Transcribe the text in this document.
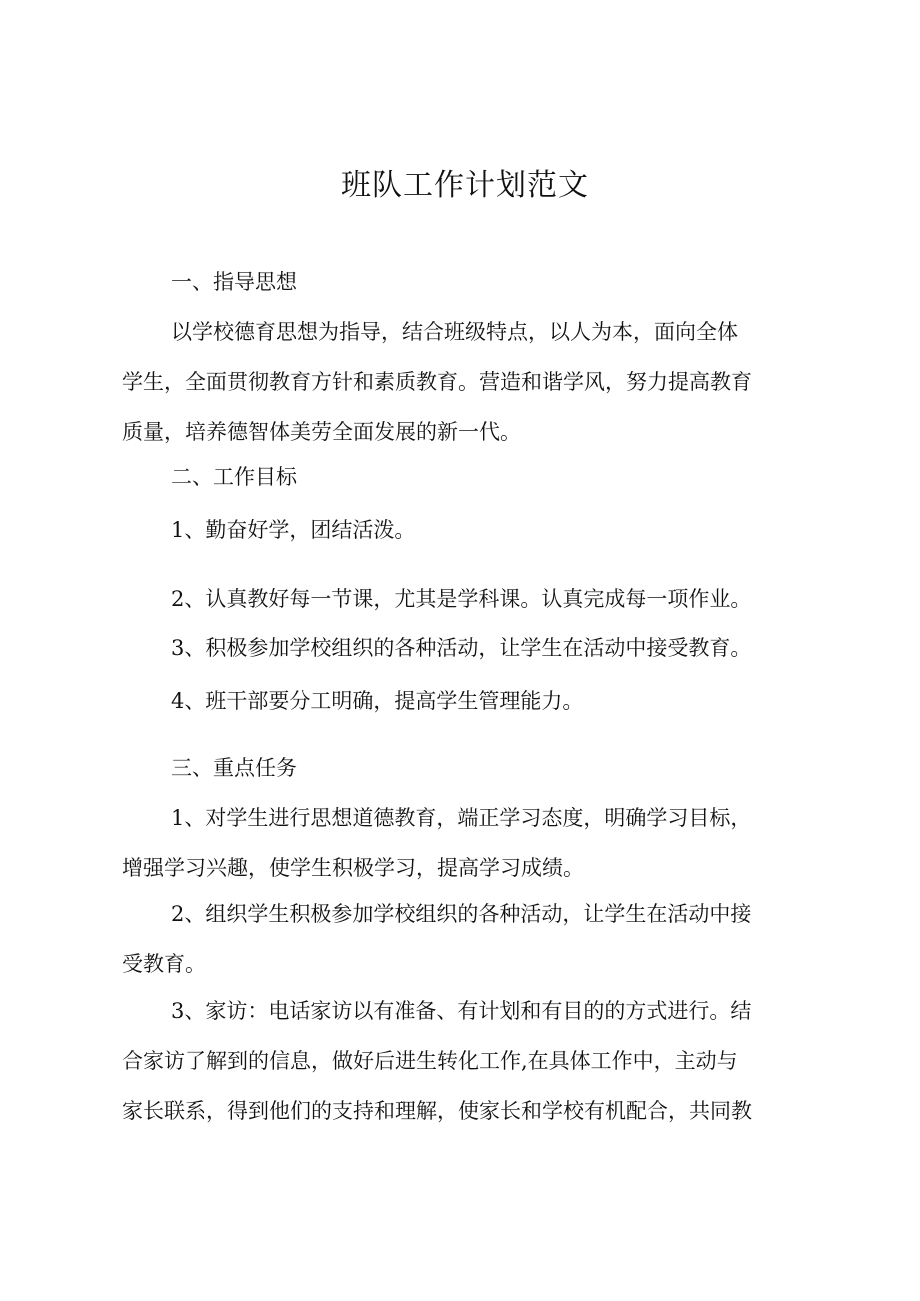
班队工作计划范文

一、指导思想

以学校德育思想为指导，结合班级特点，以人为本，面向全体
学生，全面贯彻教育方针和素质教育。营造和谐学风，努力提高教育
质量，培养德智体美劳全面发展的新一代。

二、工作目标

1、勤奋好学，团结活泼。

2、认真教好每一节课，尤其是学科课。认真完成每一项作业。

3、积极参加学校组织的各种活动，让学生在活动中接受教育。

4、班干部要分工明确，提高学生管理能力。

三、重点任务

1、对学生进行思想道德教育，端正学习态度，明确学习目标，
增强学习兴趣，使学生积极学习，提高学习成绩。
2、组织学生积极参加学校组织的各种活动，让学生在活动中接
受教育。
3、家访：电话家访以有准备、有计划和有目的的方式进行。结
合家访了解到的信息，做好后进生转化工作,在具体工作中，主动与
家长联系，得到他们的支持和理解，使家长和学校有机配合，共同教
